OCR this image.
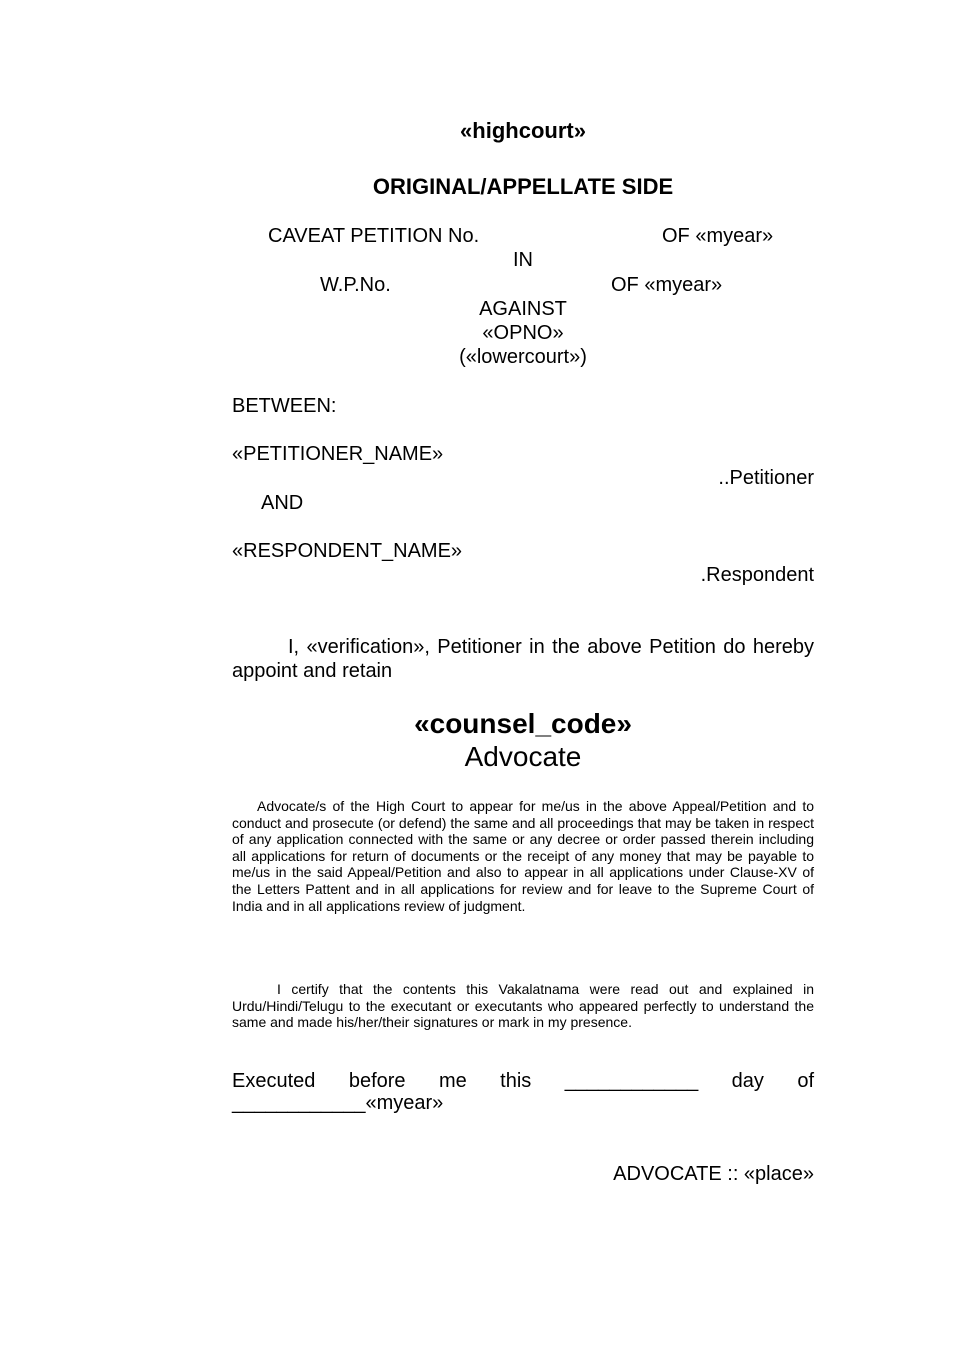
«highcourt»
ORIGINAL/APPELLATE SIDE
CAVEAT PETITION No.	OF «myear»
IN
W.P.No.	OF «myear»
AGAINST
«OPNO»
(«lowercourt»)
BETWEEN:
«PETITIONER_NAME»
..Petitioner
AND
«RESPONDENT_NAME»
.Respondent
I, «verification», Petitioner in the above Petition do hereby appoint and retain
«counsel_code»
Advocate
Advocate/s of the High Court to appear for me/us in the above Appeal/Petition and to conduct and prosecute (or defend) the same and all proceedings that may be taken in respect of any application connected with the same or any decree or order passed therein including all applications for return of documents or the receipt of any money that may be payable to me/us in the said Appeal/Petition and also to appear in all applications under Clause-XV of the Letters Pattent and in all applications for review and for leave to the Supreme Court of India and in all applications review of judgment.
I certify that the contents this Vakalatnama were read out and explained in Urdu/Hindi/Telugu to the executant or executants who appeared perfectly to understand the same and made his/her/their signatures or mark in my presence.
Executed before me this ____________ day of ____________«myear»
ADVOCATE :: «place»
